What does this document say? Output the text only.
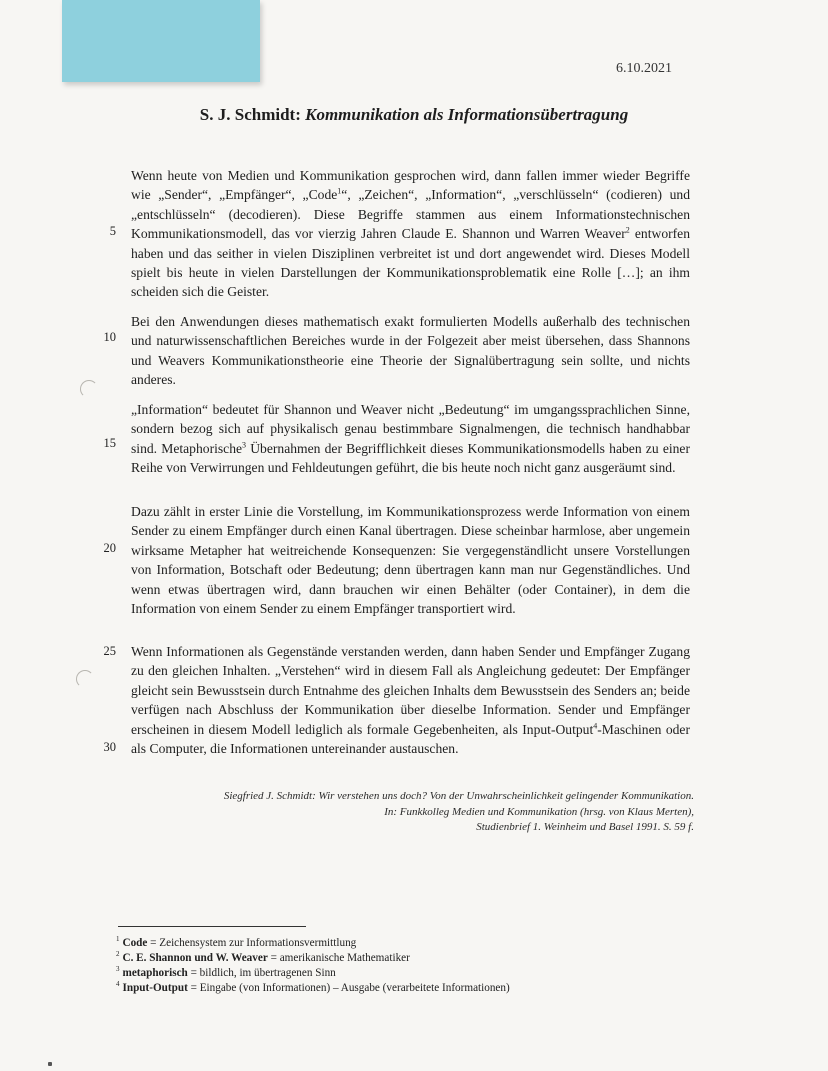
6.10.2021
S. J. Schmidt: Kommunikation als Informationsübertragung

Wenn heute von Medien und Kommunikation gesprochen wird, dann fallen immer wieder Begriffe wie „Sender“, „Empfänger“, „Code$^1$“, „Zeichen“, „Information“, „verschlüsseln“ (codieren) und „entschlüsseln“ (decodieren). Diese Begriffe stammen aus einem Informationstechnischen Kommunikationsmodell, das vor vierzig Jahren Claude E. Shannon und Warren Weaver$^2$ entworfen haben und das seither in vielen Disziplinen verbreitet ist und dort angewendet wird. Dieses Modell spielt bis heute in vielen Darstellungen der Kommunikationsproblematik eine Rolle […]; an ihm scheiden sich die Geister.

Bei den Anwendungen dieses mathematisch exakt formulierten Modells außerhalb des technischen und naturwissenschaftlichen Bereiches wurde in der Folgezeit aber meist übersehen, dass Shannons und Weavers Kommunikationstheorie eine Theorie der Signalübertragung sein sollte, und nichts anderes.

„Information“ bedeutet für Shannon und Weaver nicht „Bedeutung“ im umgangssprachlichen Sinne, sondern bezog sich auf physikalisch genau bestimmbare Signalmengen, die technisch handhabbar sind. Metaphorische$^3$ Übernahmen der Begrifflichkeit dieses Kommunikationsmodells haben zu einer Reihe von Verwirrungen und Fehldeutungen geführt, die bis heute noch nicht ganz ausgeräumt sind.

Dazu zählt in erster Linie die Vorstellung, im Kommunikationsprozess werde Information von einem Sender zu einem Empfänger durch einen Kanal übertragen. Diese scheinbar harmlose, aber ungemein wirksame Metapher hat weitreichende Konsequenzen: Sie vergegenständlicht unsere Vorstellungen von Information, Botschaft oder Bedeutung; denn übertragen kann man nur Gegenständliches. Und wenn etwas übertragen wird, dann brauchen wir einen Behälter (oder Container), in dem die Information von einem Sender zu einem Empfänger transportiert wird.

Wenn Informationen als Gegenstände verstanden werden, dann haben Sender und Empfänger Zugang zu den gleichen Inhalten. „Verstehen“ wird in diesem Fall als Angleichung gedeutet: Der Empfänger gleicht sein Bewusstsein durch Entnahme des gleichen Inhalts dem Bewusstsein des Senders an; beide verfügen nach Abschluss der Kommunikation über dieselbe Information. Sender und Empfänger erscheinen in diesem Modell lediglich als formale Gegebenheiten, als Input-Output$^4$-Maschinen oder als Computer, die Informationen untereinander austauschen.

5
10
15
20
25
30
Siegfried J. Schmidt: Wir verstehen uns doch? Von der Unwahrscheinlichkeit gelingender Kommunikation.
In: Funkkolleg Medien und Kommunikation (hrsg. von Klaus Merten),
Studienbrief 1. Weinheim und Basel 1991. S. 59 f.
$^1$ Code = Zeichensystem zur Informationsvermittlung
$^2$ C. E. Shannon und W. Weaver = amerikanische Mathematiker
$^3$ metaphorisch = bildlich, im übertragenen Sinn
$^4$ Input-Output = Eingabe (von Informationen) – Ausgabe (verarbeitete Informationen)
